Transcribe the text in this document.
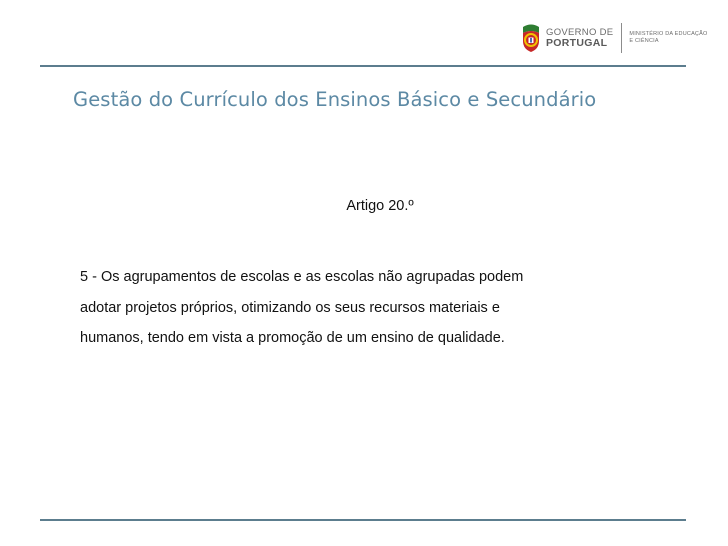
GOVERNO DE
PORTUGAL
MINISTÉRIO DA EDUCAÇÃO
E CIÊNCIA
Gestão do Currículo dos Ensinos Básico e Secundário
Artigo 20.º

5 - Os agrupamentos de escolas e as escolas não agrupadas podem

adotar projetos próprios, otimizando os seus recursos materiais e

humanos, tendo em vista a promoção de um ensino de qualidade.
